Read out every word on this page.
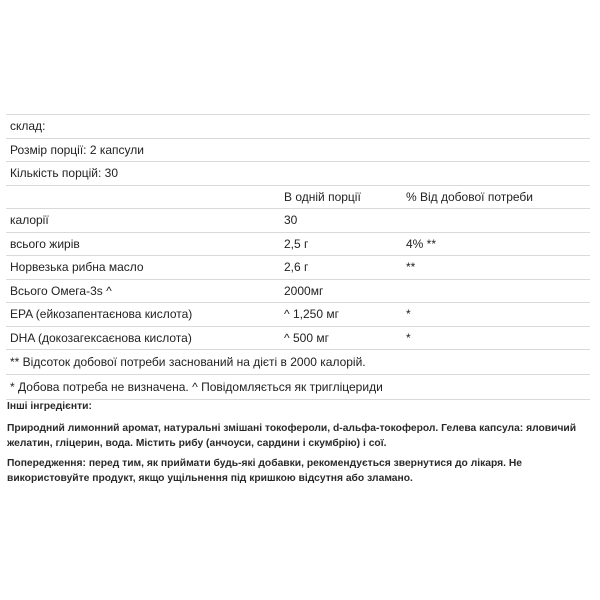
склад:		
Розмір порції: 2 капсули		
Кількість порцій: 30		
	В одній порції	% Від добової потреби
калорії	30	
всього жирів	2,5 г	4% **
Норвезька рибна масло	2,6 г	**
Всього Омега-3s ^	2000мг	
EPA (ейкозапентаєнова кислота)	^ 1,250 мг	*
DHA (докозагексаєнова кислота)	^ 500 мг	*
** Відсоток добової потреби заснований на дієті в 2000 калорій.		
* Добова потреба не визначена. ^ Повідомляється як тригліцериди		
Інші інгредієнти:
Природний лимонний аромат, натуральні змішані токофероли, d-альфа-токоферол. Гелева капсула: яловичий желатин, гліцерин, вода. Містить рибу (анчоуси, сардини і скумбрію) і сої.
Попередження: перед тим, як приймати будь-які добавки, рекомендується звернутися до лікаря. Не використовуйте продукт, якщо ущільнення під кришкою відсутня або зламано.
